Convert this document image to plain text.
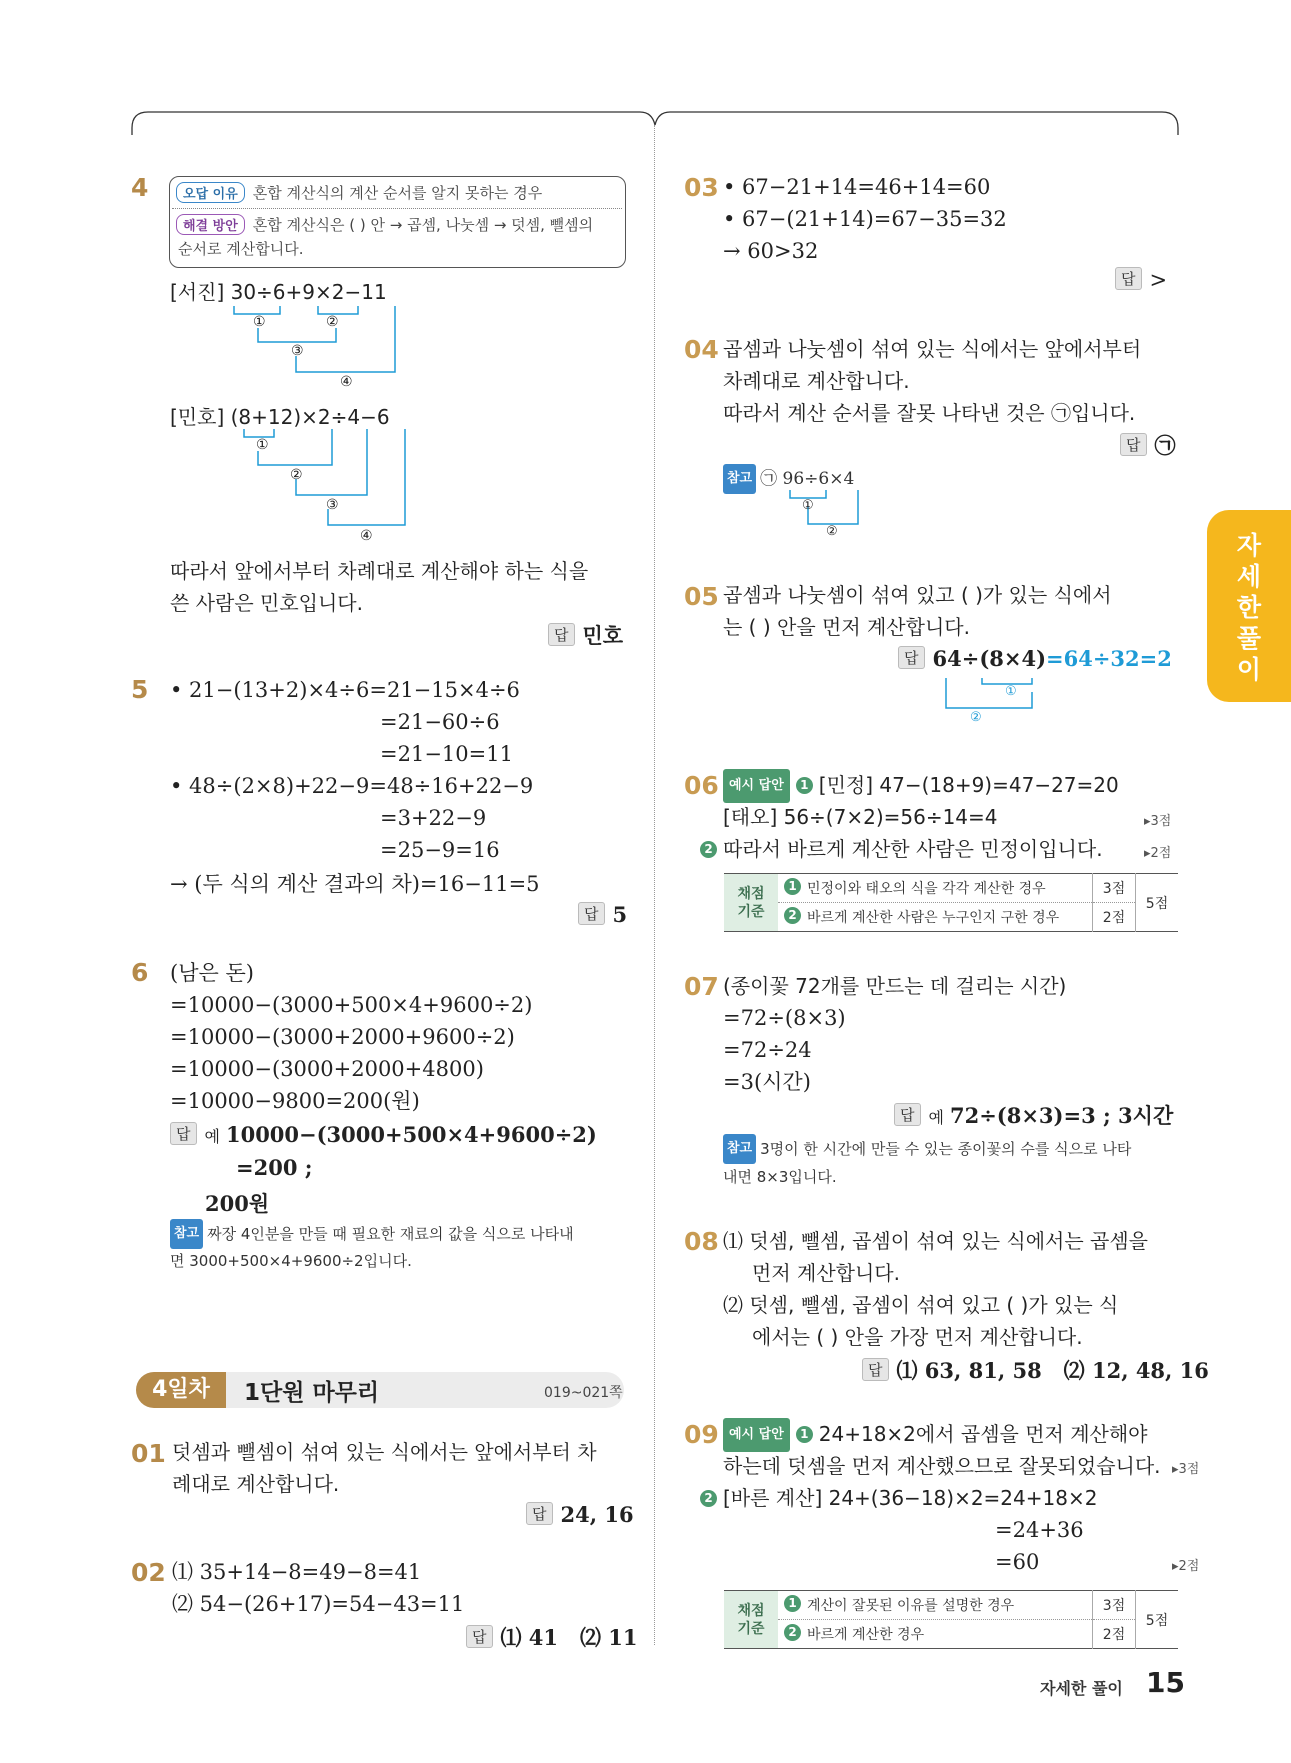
자
세
한
풀
이
4	오답 이유 혼합 계산식의 계산 순서를 알지 못하는 경우
해결 방안 혼합 계산식은 ( ) 안 → 곱셈, 나눗셈 → 덧셈, 뺄셈의
순서로 계산합니다.
[서진] 30÷6+9×2−11
①	②
③
④
[민호] (8+12)×2÷4−6
①
②
③
④
따라서 앞에서부터 차례대로 계산해야 하는 식을
쓴 사람은 민호입니다.
답 민호
5 • 21−(13+2)×4÷6=21−15×4÷6
=21−60÷6
=21−10=11
• 48÷(2×8)+22−9=48÷16+22−9
=3+22−9
=25−9=16
→ (두 식의 계산 결과의 차)=16−11=5
답 5
6 (남은 돈)
=10000−(3000+500×4+9600÷2)
=10000−(3000+2000+9600÷2)
=10000−(3000+2000+4800)
=10000−9800=200(원)
답 예 10000−(3000+500×4+9600÷2)
=200 ;
200원
참고 짜장 4인분을 만들 때 필요한 재료의 값을 식으로 나타내
면 3000+500×4+9600÷2입니다.
4일차	1단원 마무리	019~021쪽
01 덧셈과 뺄셈이 섞여 있는 식에서는 앞에서부터 차
례대로 계산합니다.
답 24, 16
02 ⑴ 35+14−8=49−8=41
⑵ 54−(26+17)=54−43=11
답 ⑴ 41   ⑵ 11
03 • 67−21+14=46+14=60
• 67−(21+14)=67−35=32
→ 60>32
답 >
04 곱셈과 나눗셈이 섞여 있는 식에서는 앞에서부터
차례대로 계산합니다.
따라서 계산 순서를 잘못 나타낸 것은 ㉠입니다.
답 ㉠
참고 ㉠ 96÷6×4
①
②
05 곱셈과 나눗셈이 섞여 있고 ( )가 있는 식에서
는 ( ) 안을 먼저 계산합니다.
답 64÷(8×4)=64÷32=2
①
②
06 예시 답안 1 [민정] 47−(18+9)=47−27=20
[태오] 56÷(7×2)=56÷14=4	▸3점
2 따라서 바르게 계산한 사람은 민정이입니다.	▸2점
채점 기준	1 민정이와 태오의 식을 각각 계산한 경우	3점	5점
	2 바르게 계산한 사람은 누구인지 구한 경우	2점	
07 (종이꽃 72개를 만드는 데 걸리는 시간)
=72÷(8×3)
=72÷24
=3(시간)
답 예 72÷(8×3)=3 ; 3시간
참고 3명이 한 시간에 만들 수 있는 종이꽃의 수를 식으로 나타
내면 8×3입니다.
08 ⑴ 덧셈, 뺄셈, 곱셈이 섞여 있는 식에서는 곱셈을
먼저 계산합니다.
⑵ 덧셈, 뺄셈, 곱셈이 섞여 있고 ( )가 있는 식
에서는 ( ) 안을 가장 먼저 계산합니다.
답 ⑴ 63, 81, 58   ⑵ 12, 48, 16
09 예시 답안 1 24+18×2에서 곱셈을 먼저 계산해야
하는데 덧셈을 먼저 계산했으므로 잘못되었습니다. ▸3점
2 [바른 계산] 24+(36−18)×2=24+18×2
=24+36
=60	▸2점
채점 기준	1 계산이 잘못된 이유를 설명한 경우	3점	5점
	2 바르게 계산한 경우	2점	
자세한 풀이 15
